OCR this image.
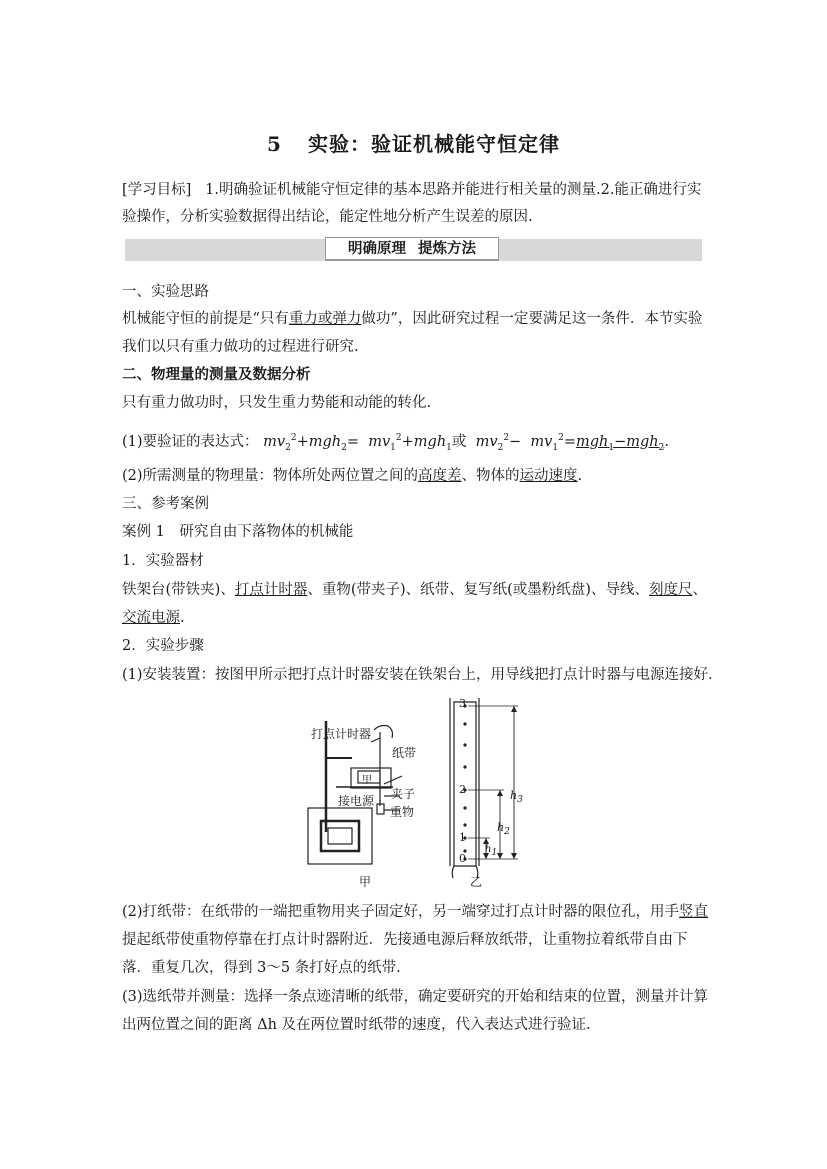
5 实验：验证机械能守恒定律
[学习目标] 1.明确验证机械能守恒定律的基本思路并能进行相关量的测量.2.能正确进行实
验操作，分析实验数据得出结论，能定性地分析产生误差的原因.
明确原理 提炼方法
一、实验思路
机械能守恒的前提是“只有重力或弹力做功”，因此研究过程一定要满足这一条件．本节实验
我们以只有重力做功的过程进行研究.
二、物理量的测量及数据分析
只有重力做功时，只发生重力势能和动能的转化.
(1)要验证的表达式： $mv_2^2+mgh_2= mv_1^2+mgh_1$或  $mv_2^2- mv_1^2=mgh_1-mgh_2$.
(2)所需测量的物理量：物体所处两位置之间的高度差、物体的运动速度.
三、参考案例
案例 1　研究自由下落物体的机械能
1．实验器材
铁架台(带铁夹)、打点计时器、重物(带夹子)、纸带、复写纸(或墨粉纸盘)、导线、刻度尺、
交流电源.
2．实验步骤
(1)安装装置：按图甲所示把打点计时器安装在铁架台上，用导线把打点计时器与电源连接好．
打点计时器
纸带
甲
夹子
接电源
重物
3
2
1
0
$h_3$
$h_2$
$h_1$
甲	乙
(2)打纸带：在纸带的一端把重物用夹子固定好，另一端穿过打点计时器的限位孔，用手竖直
提起纸带使重物停靠在打点计时器附近．先接通电源后释放纸带，让重物拉着纸带自由下
落．重复几次，得到 3～5 条打好点的纸带.
(3)选纸带并测量：选择一条点迹清晰的纸带，确定要研究的开始和结束的位置，测量并计算
出两位置之间的距离 Δh 及在两位置时纸带的速度，代入表达式进行验证.
